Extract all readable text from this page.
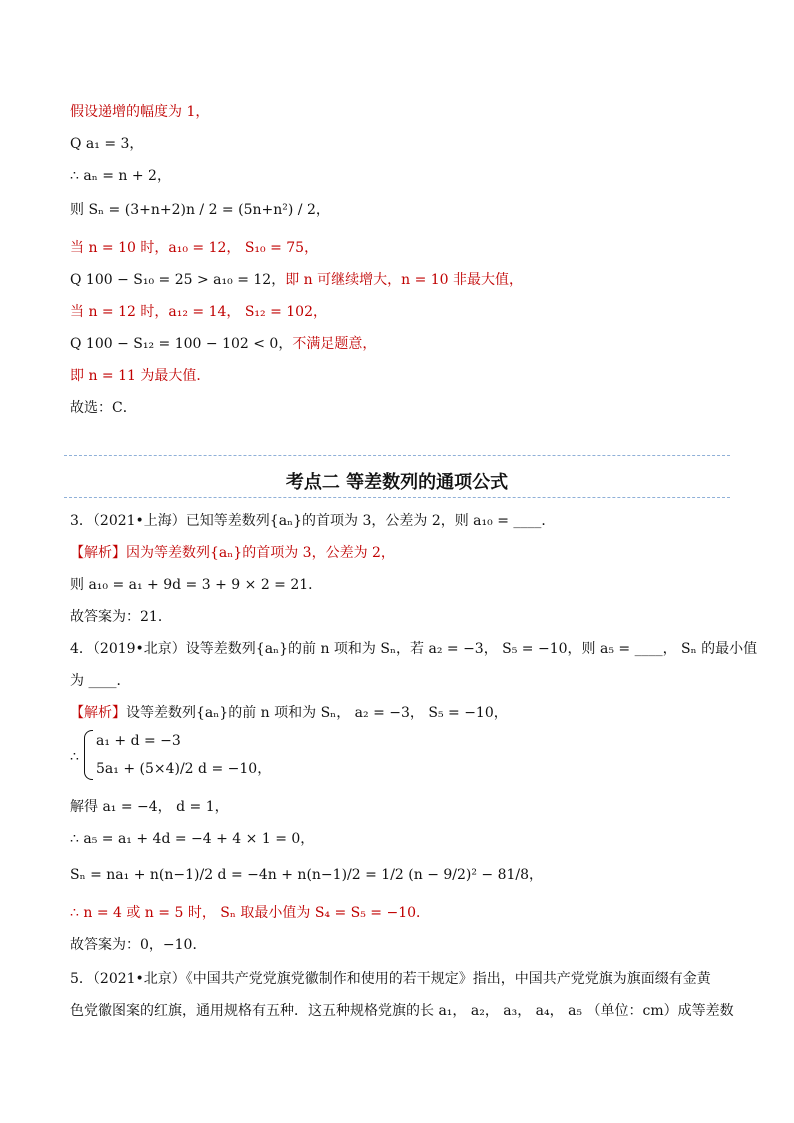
假设递增的幅度为 1，
Q a₁ = 3，
∴ aₙ = n + 2，
则 Sₙ = (3+n+2)n / 2 = (5n+n²) / 2，
当 n = 10 时，a₁₀ = 12， S₁₀ = 75，
Q 100 − S₁₀ = 25 > a₁₀ = 12，即 n 可继续增大，n = 10 非最大值，
当 n = 12 时，a₁₂ = 14， S₁₂ = 102，
Q 100 − S₁₂ = 100 − 102 < 0，不满足题意，
即 n = 11 为最大值．
故选：C．
考点二 等差数列的通项公式
3．（2021•上海）已知等差数列{aₙ}的首项为 3，公差为 2，则 a₁₀ = ____．
【解析】因为等差数列{aₙ}的首项为 3，公差为 2，
则 a₁₀ = a₁ + 9d = 3 + 9 × 2 = 21．
故答案为：21．
4．（2019•北京）设等差数列{aₙ}的前 n 项和为 Sₙ，若 a₂ = −3， S₅ = −10，则 a₅ = ____， Sₙ 的最小值
为 ____．
【解析】设等差数列{aₙ}的前 n 项和为 Sₙ， a₂ = −3， S₅ = −10，
∴
a₁ + d = −3
5a₁ + (5×4)/2 d = −10，
解得 a₁ = −4， d = 1，
∴ a₅ = a₁ + 4d = −4 + 4 × 1 = 0，
Sₙ = na₁ + n(n−1)/2 d = −4n + n(n−1)/2 = 1/2 (n − 9/2)² − 81/8，
∴ n = 4 或 n = 5 时， Sₙ 取最小值为 S₄ = S₅ = −10．
故答案为：0，−10．
5．（2021•北京）《中国共产党党旗党徽制作和使用的若干规定》指出，中国共产党党旗为旗面缀有金黄
色党徽图案的红旗，通用规格有五种．这五种规格党旗的长 a₁， a₂， a₃， a₄， a₅ （单位：cm）成等差数
